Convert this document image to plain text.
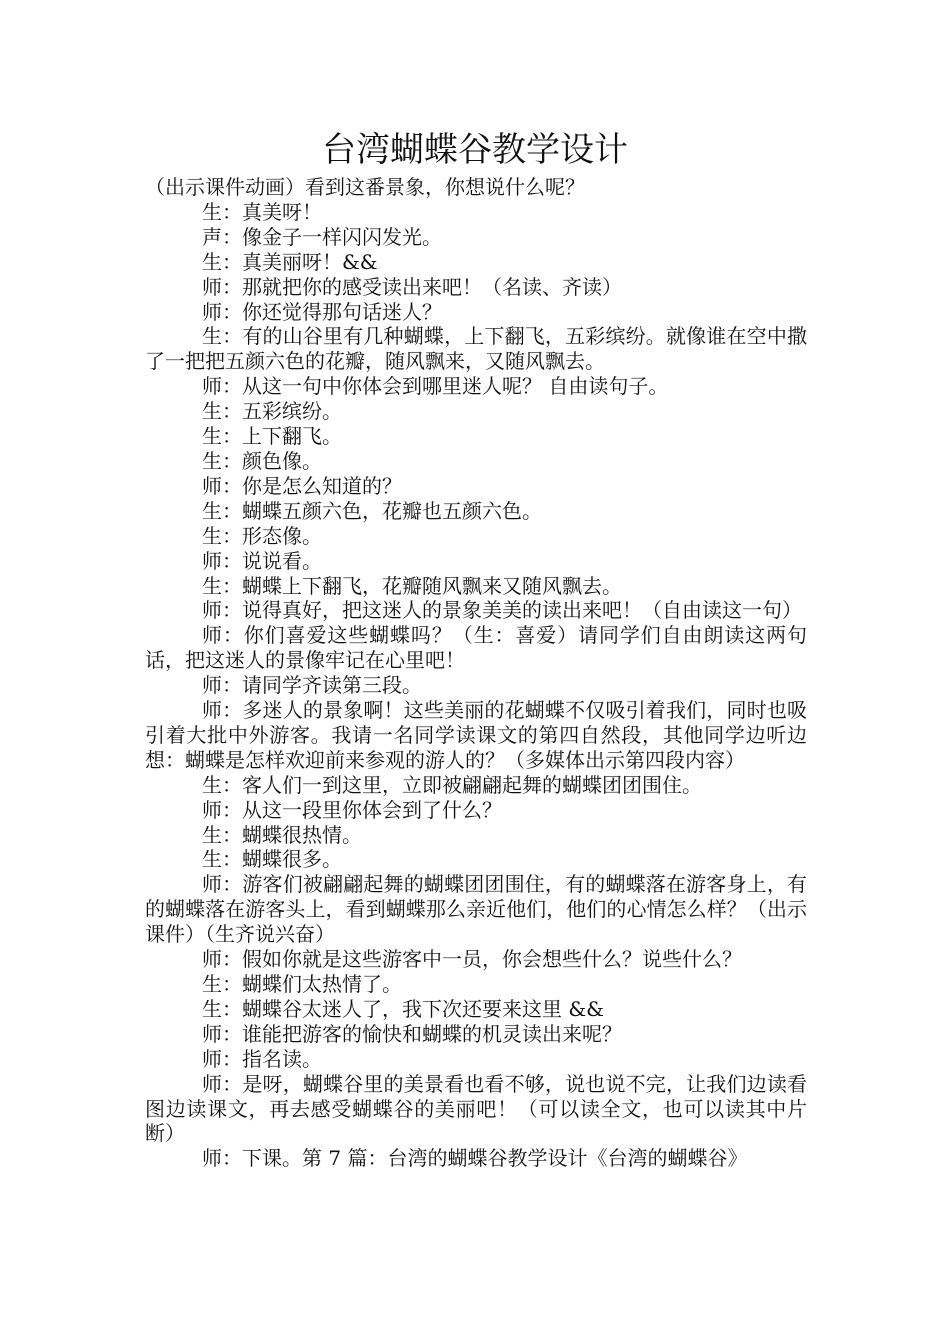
台湾蝴蝶谷教学设计

（出示课件动画）看到这番景象，你想说什么呢？

生：真美呀！

声：像金子一样闪闪发光。

生：真美丽呀！&&

师：那就把你的感受读出来吧！（名读、齐读）

师：你还觉得那句话迷人？

生：有的山谷里有几种蝴蝶，上下翻飞，五彩缤纷。就像谁在空中撒了一把把五颜六色的花瓣，随风飘来，又随风飘去。

师：从这一句中你体会到哪里迷人呢？ 自由读句子。

生：五彩缤纷。

生：上下翻飞。

生：颜色像。

师：你是怎么知道的？

生：蝴蝶五颜六色，花瓣也五颜六色。

生：形态像。

师：说说看。

生：蝴蝶上下翻飞，花瓣随风飘来又随风飘去。

师：说得真好，把这迷人的景象美美的读出来吧！（自由读这一句）

师：你们喜爱这些蝴蝶吗？（生：喜爱）请同学们自由朗读这两句话，把这迷人的景像牢记在心里吧！

师：请同学齐读第三段。

师：多迷人的景象啊！这些美丽的花蝴蝶不仅吸引着我们，同时也吸引着大批中外游客。我请一名同学读课文的第四自然段，其他同学边听边想：蝴蝶是怎样欢迎前来参观的游人的？（多媒体出示第四段内容）

生：客人们一到这里，立即被翩翩起舞的蝴蝶团团围住。

师：从这一段里你体会到了什么？

生：蝴蝶很热情。

生：蝴蝶很多。

师：游客们被翩翩起舞的蝴蝶团团围住，有的蝴蝶落在游客身上，有的蝴蝶落在游客头上，看到蝴蝶那么亲近他们，他们的心情怎么样？（出示课件）（生齐说兴奋）

师：假如你就是这些游客中一员，你会想些什么？说些什么？

生：蝴蝶们太热情了。

生：蝴蝶谷太迷人了，我下次还要来这里 &&

师：谁能把游客的愉快和蝴蝶的机灵读出来呢？

师：指名读。

师：是呀，蝴蝶谷里的美景看也看不够，说也说不完，让我们边读看图边读课文，再去感受蝴蝶谷的美丽吧！（可以读全文，也可以读其中片断）

师：下课。第 7 篇：台湾的蝴蝶谷教学设计《台湾的蝴蝶谷》
